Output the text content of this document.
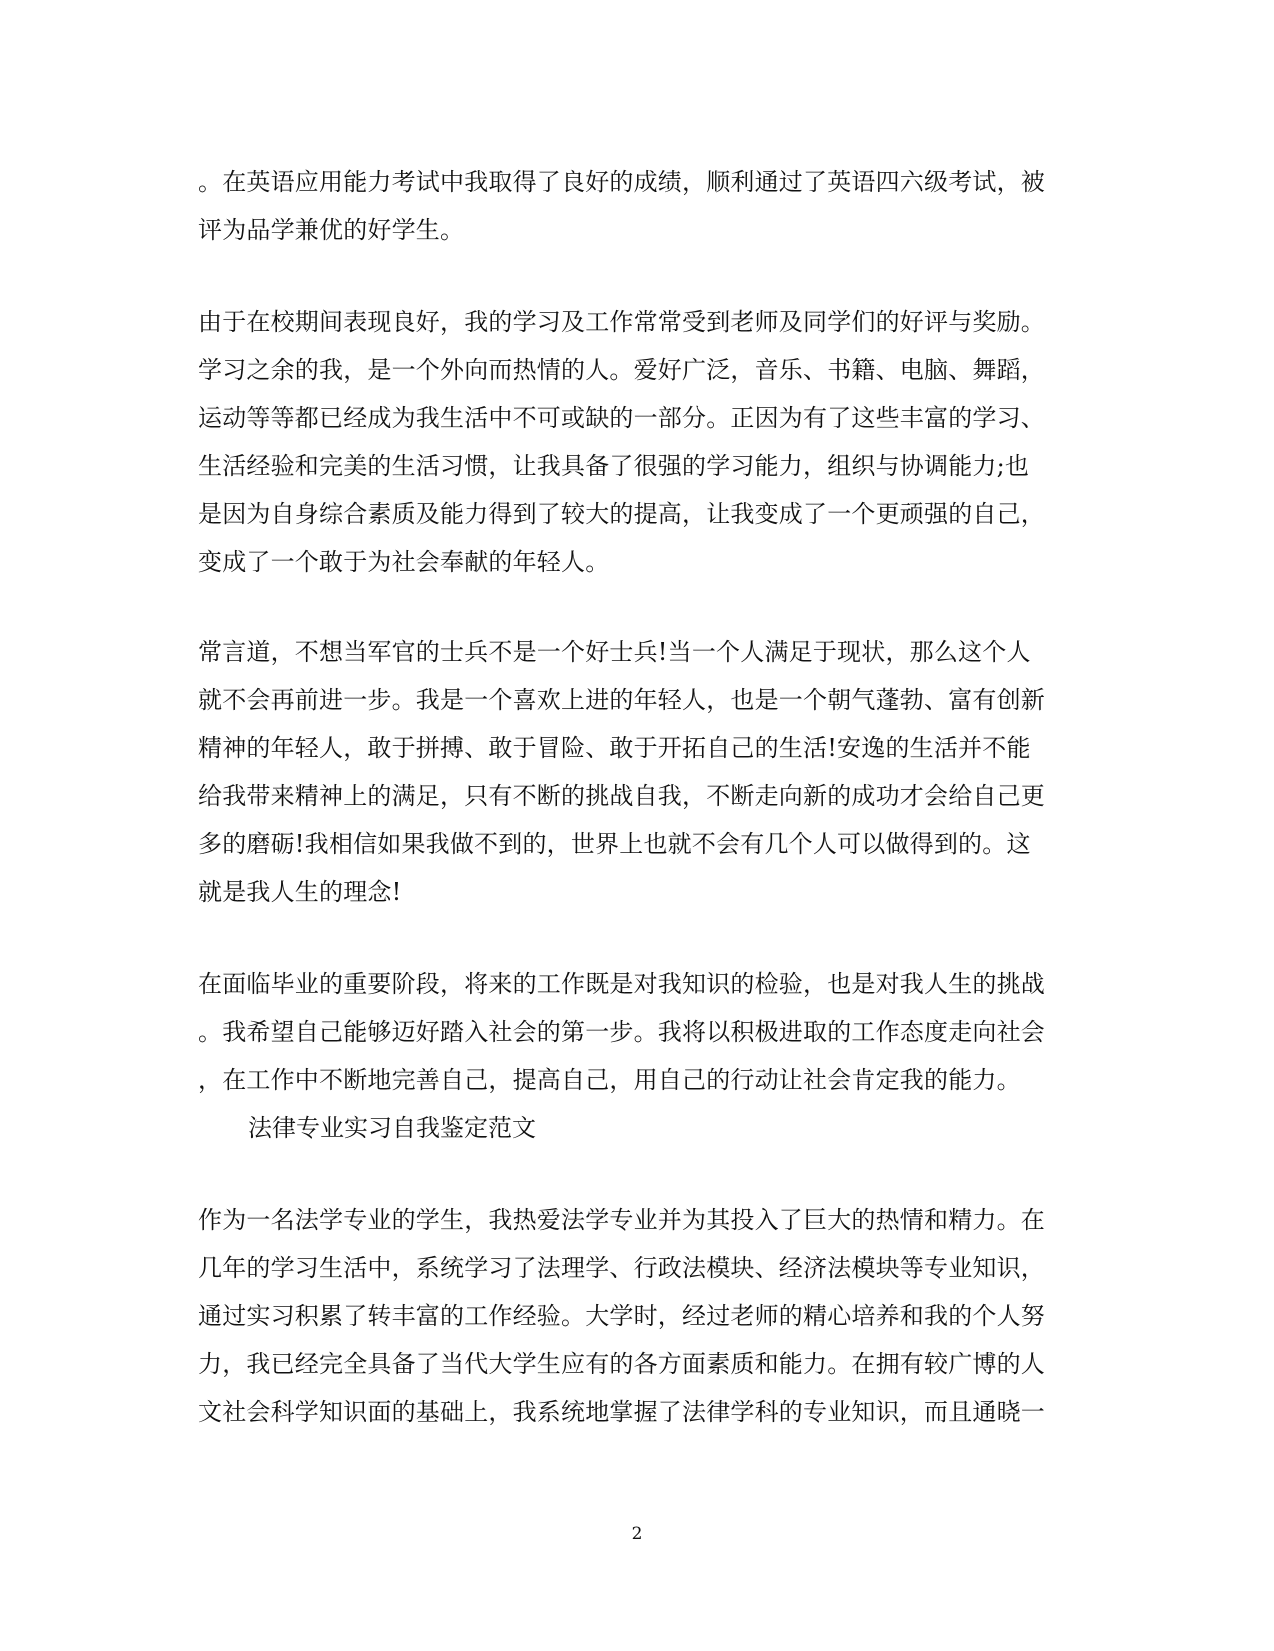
。在英语应用能力考试中我取得了良好的成绩，顺利通过了英语四六级考试，被
评为品学兼优的好学生。
由于在校期间表现良好，我的学习及工作常常受到老师及同学们的好评与奖励。
学习之余的我，是一个外向而热情的人。爱好广泛，音乐、书籍、电脑、舞蹈，
运动等等都已经成为我生活中不可或缺的一部分。正因为有了这些丰富的学习、
生活经验和完美的生活习惯，让我具备了很强的学习能力，组织与协调能力;也
是因为自身综合素质及能力得到了较大的提高，让我变成了一个更顽强的自己，
变成了一个敢于为社会奉献的年轻人。
常言道，不想当军官的士兵不是一个好士兵!当一个人满足于现状，那么这个人
就不会再前进一步。我是一个喜欢上进的年轻人，也是一个朝气蓬勃、富有创新
精神的年轻人，敢于拼搏、敢于冒险、敢于开拓自己的生活!安逸的生活并不能
给我带来精神上的满足，只有不断的挑战自我，不断走向新的成功才会给自己更
多的磨砺!我相信如果我做不到的，世界上也就不会有几个人可以做得到的。这
就是我人生的理念!
在面临毕业的重要阶段，将来的工作既是对我知识的检验，也是对我人生的挑战
。我希望自己能够迈好踏入社会的第一步。我将以积极进取的工作态度走向社会
，在工作中不断地完善自己，提高自己，用自己的行动让社会肯定我的能力。

法律专业实习自我鉴定范文

作为一名法学专业的学生，我热爱法学专业并为其投入了巨大的热情和精力。在
几年的学习生活中，系统学习了法理学、行政法模块、经济法模块等专业知识，
通过实习积累了转丰富的工作经验。大学时，经过老师的精心培养和我的个人努
力，我已经完全具备了当代大学生应有的各方面素质和能力。在拥有较广博的人
文社会科学知识面的基础上，我系统地掌握了法律学科的专业知识，而且通晓一
2
